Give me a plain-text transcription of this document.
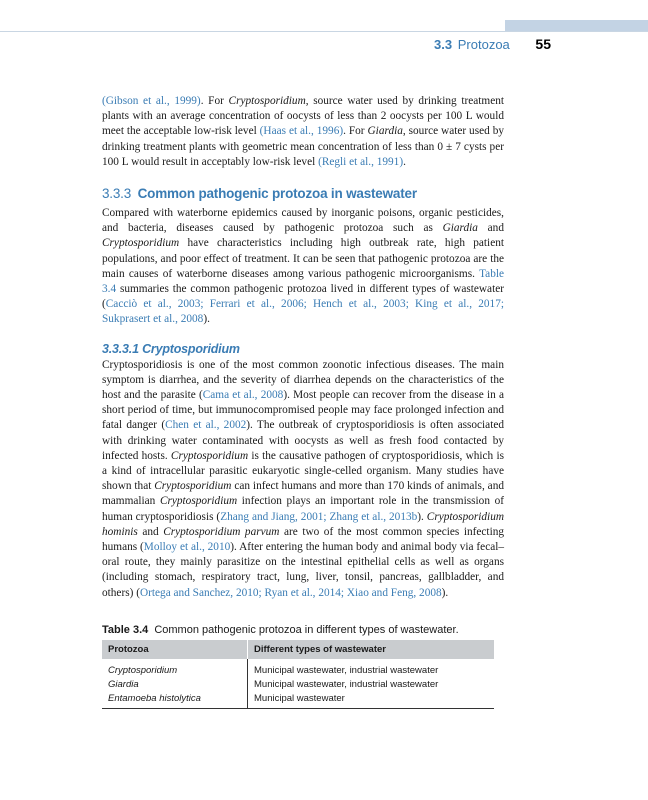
3.3 Protozoa 55

(Gibson et al., 1999). For Cryptosporidium, source water used by drinking treatment plants with an average concentration of oocysts of less than 2 oocysts per 100 L would meet the acceptable low-risk level (Haas et al., 1996). For Giardia, source water used by drinking treatment plants with geometric mean concentration of less than 0 ± 7 cysts per 100 L would result in acceptably low-risk level (Regli et al., 1991).

3.3.3 Common pathogenic protozoa in wastewater

Compared with waterborne epidemics caused by inorganic poisons, organic pesticides, and bacteria, diseases caused by pathogenic protozoa such as Giardia and Cryptosporidium have characteristics including high outbreak rate, high patient populations, and poor effect of treatment. It can be seen that pathogenic protozoa are the main causes of waterborne diseases among various pathogenic microorganisms. Table 3.4 summaries the common pathogenic protozoa lived in different types of wastewater (Cacciò et al., 2003; Ferrari et al., 2006; Hench et al., 2003; King et al., 2017; Sukprasert et al., 2008).

3.3.3.1 Cryptosporidium

Cryptosporidiosis is one of the most common zoonotic infectious diseases. The main symptom is diarrhea, and the severity of diarrhea depends on the characteristics of the host and the parasite (Cama et al., 2008). Most people can recover from the disease in a short period of time, but immunocompromised people may face prolonged infection and fatal danger (Chen et al., 2002). The outbreak of cryptosporidiosis is often associated with drinking water contaminated with oocysts as well as fresh food contacted by infected hosts. Cryptosporidium is the causative pathogen of cryptosporidiosis, which is a kind of intracellular parasitic eukaryotic single-celled organism. Many studies have shown that Cryptosporidium can infect humans and more than 170 kinds of animals, and mammalian Cryptosporidium infection plays an important role in the transmission of human cryptosporidiosis (Zhang and Jiang, 2001; Zhang et al., 2013b). Cryptosporidium hominis and Cryptosporidium parvum are two of the most common species infecting humans (Molloy et al., 2010). After entering the human body and animal body via fecal–oral route, they mainly parasitize on the intestinal epithelial cells as well as organs (including stomach, respiratory tract, lung, liver, tonsil, pancreas, gallbladder, and others) (Ortega and Sanchez, 2010; Ryan et al., 2014; Xiao and Feng, 2008).

Table 3.4 Common pathogenic protozoa in different types of wastewater.
Protozoa	Different types of wastewater
Cryptosporidium	Municipal wastewater, industrial wastewater
Giardia	Municipal wastewater, industrial wastewater
Entamoeba histolytica	Municipal wastewater
